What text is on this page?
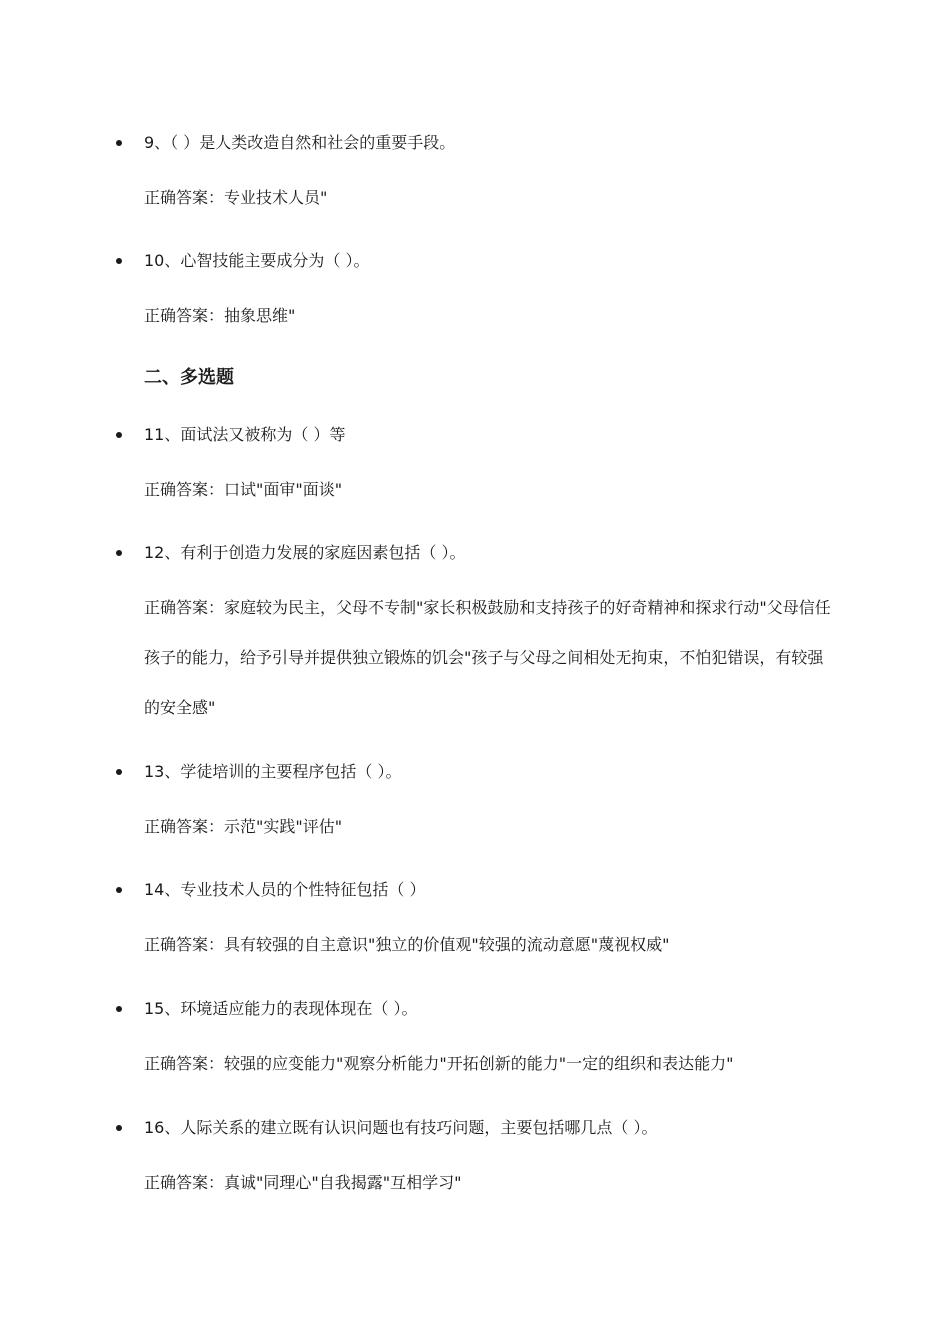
9、（ ）是人类改造自然和社会的重要手段。
正确答案：专业技术人员"
10、心智技能主要成分为（ ）。
正确答案：抽象思维"
二、多选题
11、面试法又被称为（ ）等
正确答案：口试"面审"面谈"
12、有利于创造力发展的家庭因素包括（ ）。
正确答案：家庭较为民主，父母不专制"家长积极鼓励和支持孩子的好奇精神和探求行动"父母信任孩子的能力，给予引导并提供独立锻炼的饥会"孩子与父母之间相处无拘束，不怕犯错误，有较强的安全感"
13、学徒培训的主要程序包括（ ）。
正确答案：示范"实践"评估"
14、专业技术人员的个性特征包括（ ）
正确答案：具有较强的自主意识"独立的价值观"较强的流动意愿"蔑视权威"
15、环境适应能力的表现体现在（ ）。
正确答案：较强的应变能力"观察分析能力"开拓创新的能力"一定的组织和表达能力"
16、人际关系的建立既有认识问题也有技巧问题，主要包括哪几点（ ）。
正确答案：真诚"同理心"自我揭露"互相学习"
